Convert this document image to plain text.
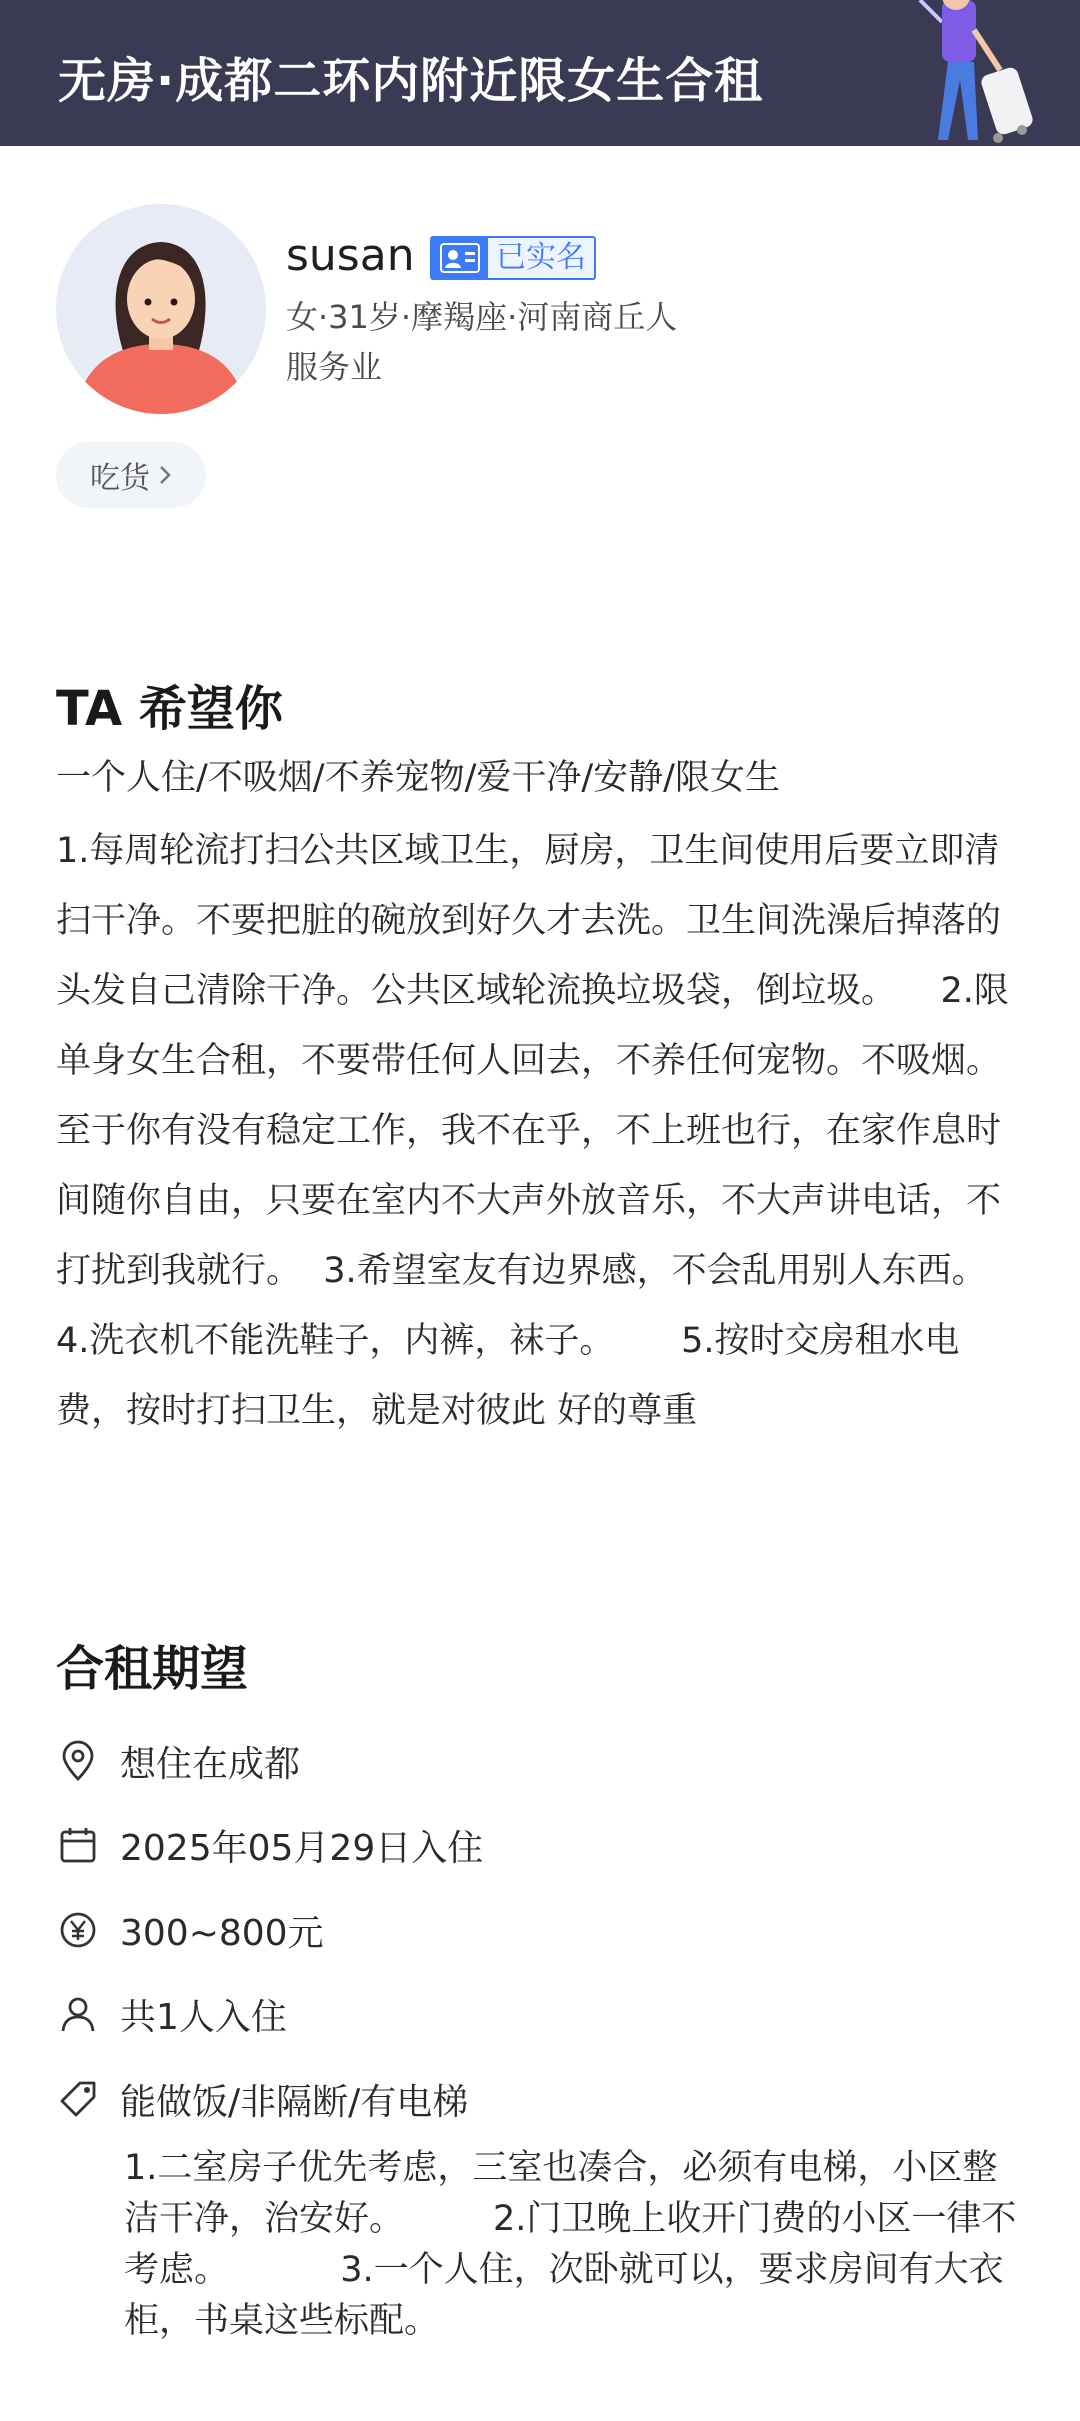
无房·成都二环内附近限女生合租
susan	已实名
女·31岁·摩羯座·河南商丘人
服务业
吃货
TA 希望你
一个人住/不吸烟/不养宠物/爱干净/安静/限女生
1.每周轮流打扫公共区域卫生，厨房，卫生间使用后要立即清扫干净。不要把脏的碗放到好久才去洗。卫生间洗澡后掉落的头发自己清除干净。公共区域轮流换垃圾袋，倒垃圾。    2.限单身女生合租，不要带任何人回去，不养任何宠物。不吸烟。至于你有没有稳定工作，我不在乎，不上班也行，在家作息时间随你自由，只要在室内不大声外放音乐，不大声讲电话，不打扰到我就行。  3.希望室友有边界感，不会乱用别人东西。  4.洗衣机不能洗鞋子，内裤，袜子。      5.按时交房租水电费，按时打扫卫生，就是对彼此 好的尊重
合租期望
想住在成都
2025年05月29日入住
300~800元
共1人入住
能做饭/非隔断/有电梯
1.二室房子优先考虑，三室也凑合，必须有电梯，小区整洁干净，治安好。        2.门卫晚上收开门费的小区一律不考虑。          3.一个人住，次卧就可以，要求房间有大衣柜，书桌这些标配。
